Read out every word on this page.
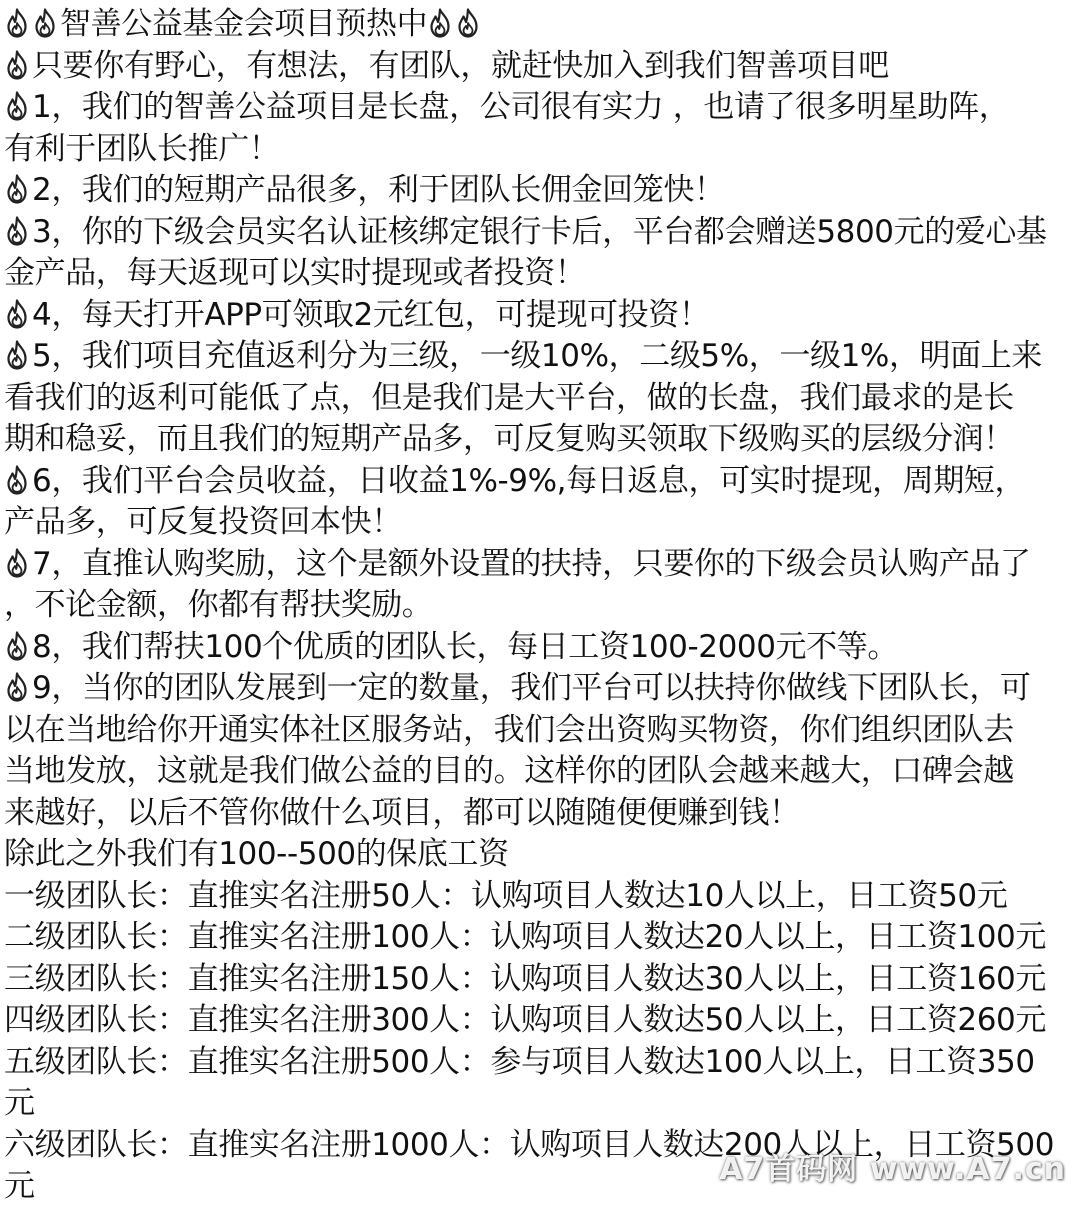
智善公益基金会项目预热中
只要你有野心，有想法，有团队，就赶快加入到我们智善项目吧
1，我们的智善公益项目是长盘，公司很有实力 ，也请了很多明星助阵，
有利于团队长推广！
2，我们的短期产品很多，利于团队长佣金回笼快！
3，你的下级会员实名认证核绑定银行卡后，平台都会赠送5800元的爱心基
金产品，每天返现可以实时提现或者投资！
4，每天打开APP可领取2元红包，可提现可投资！
5，我们项目充值返利分为三级，一级10%，二级5%，一级1%，明面上来
看我们的返利可能低了点，但是我们是大平台，做的长盘，我们最求的是长
期和稳妥，而且我们的短期产品多，可反复购买领取下级购买的层级分润！
6，我们平台会员收益，日收益1%-9%,每日返息，可实时提现，周期短，
产品多，可反复投资回本快！
7，直推认购奖励，这个是额外设置的扶持，只要你的下级会员认购产品了
，不论金额，你都有帮扶奖励。
8，我们帮扶100个优质的团队长，每日工资100-2000元不等。
9，当你的团队发展到一定的数量，我们平台可以扶持你做线下团队长，可
以在当地给你开通实体社区服务站，我们会出资购买物资，你们组织团队去
当地发放，这就是我们做公益的目的。这样你的团队会越来越大，口碑会越
来越好，以后不管你做什么项目，都可以随随便便赚到钱！
除此之外我们有100--500的保底工资
一级团队长：直推实名注册50人：认购项目人数达10人以上，日工资50元
二级团队长：直推实名注册100人：认购项目人数达20人以上，日工资100元
三级团队长：直推实名注册150人：认购项目人数达30人以上，日工资160元
四级团队长：直推实名注册300人：认购项目人数达50人以上，日工资260元
五级团队长：直推实名注册500人：参与项目人数达100人以上，日工资350
元
六级团队长：直推实名注册1000人：认购项目人数达200人以上，日工资500
元	A7首码网 www.A7.cn
